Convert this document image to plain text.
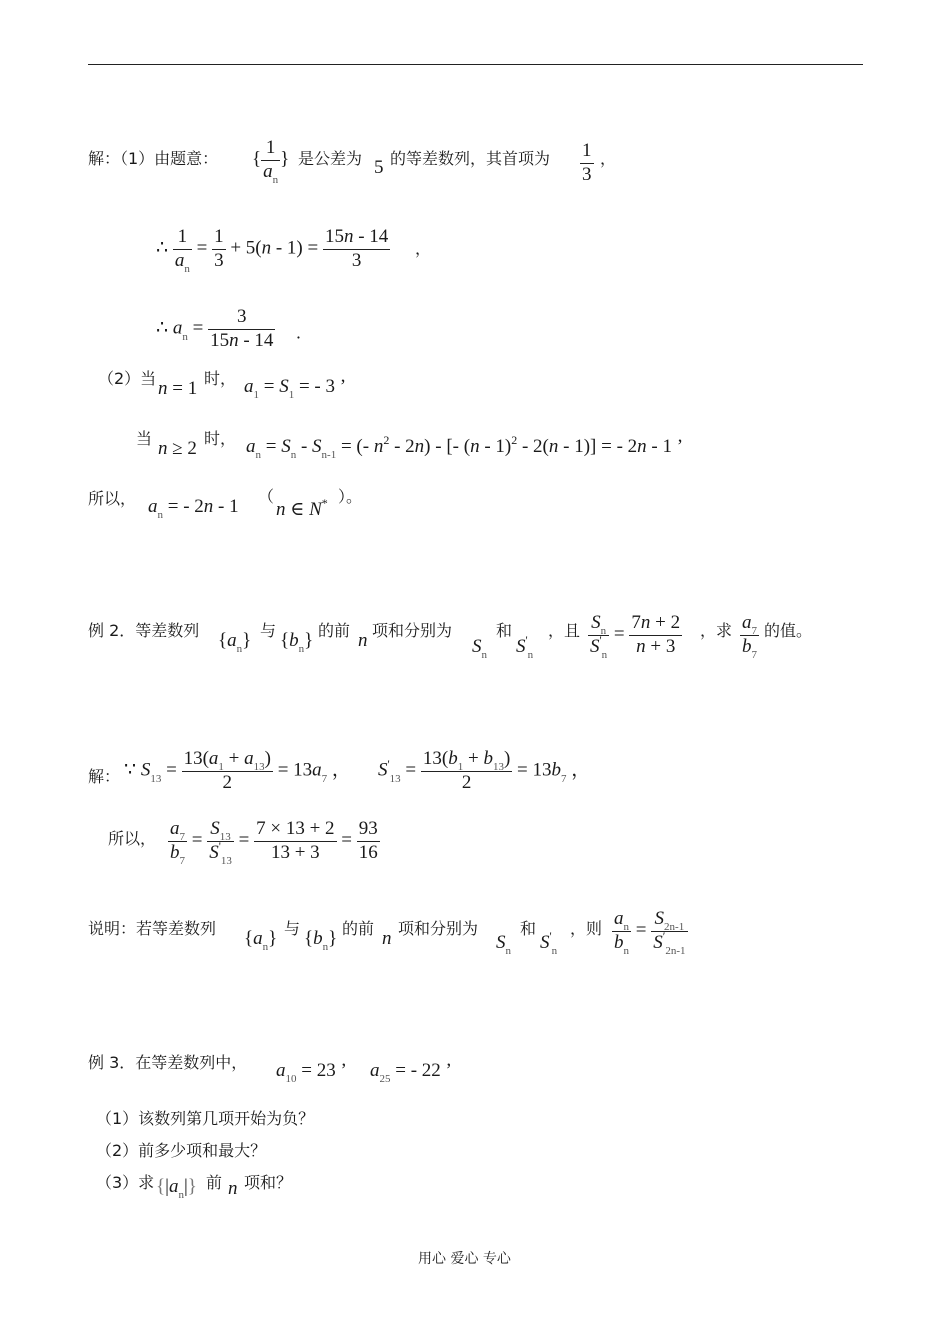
解：（1）由题意： { $\frac{1}{a_n}$ } 是公差为 5 的等差数列，其首项为 $\frac{1}{3}$ ，
∴ $\frac{1}{a_n} = \frac{1}{3} + 5(n - 1) = \frac{15n - 14}{3}$ ，
∴ $a_n = \frac{3}{15n - 14}$ ．
（2）当 n = 1 时， $a_1 = S_1$ = - 3 ’
当 n ≥ 2 时， $a_n = S_n - S_{n-1}$ = (- $n^2 - 2n$) - [- (n - 1)$^2$ - 2(n - 1)] = - 2n - 1 ’
所以， $a_n$ = - 2n - 1 （
n ∈ N* ）。
例 2．等差数列 $\{a_n\}$ 与 $\{b_n\}$ 的前 n 项和分别为
$S_n$
和
$S'_n$
，且 $\frac{S_n}{S'_n} = \frac{7n + 2}{n + 3}$ ，求 $\frac{a_7}{b_7}$ 的值。
解： ∵ $S_{13} = \frac{13(a_1 + a_{13})}{2} = 13a_7$ ， $S'_{13} = \frac{13(b_1 + b_{13})}{2} = 13b_7$ ，
所以， $\frac{a_7}{b_7} = \frac{S_{13}}{S'_{13}} = \frac{7 \times 13 + 2}{13 + 3} = \frac{93}{16}$
说明：若等差数列 $\{a_n\}$ 与 $\{b_n\}$ 的前 n 项和分别为
$S_n$
和
$S'_n$
，则 $\frac{a_n}{b_n} = \frac{S_{2n-1}}{S'_{2n-1}}$
例 3．在等差数列中， $a_{10} = 23$ ’ $a_{25}$ = - 22 ’
（1）该数列第几项开始为负？
（2）前多少项和最大？
（3）求 $\{|a_n|\}$ 前 n 项和？
用心 爱心 专心
